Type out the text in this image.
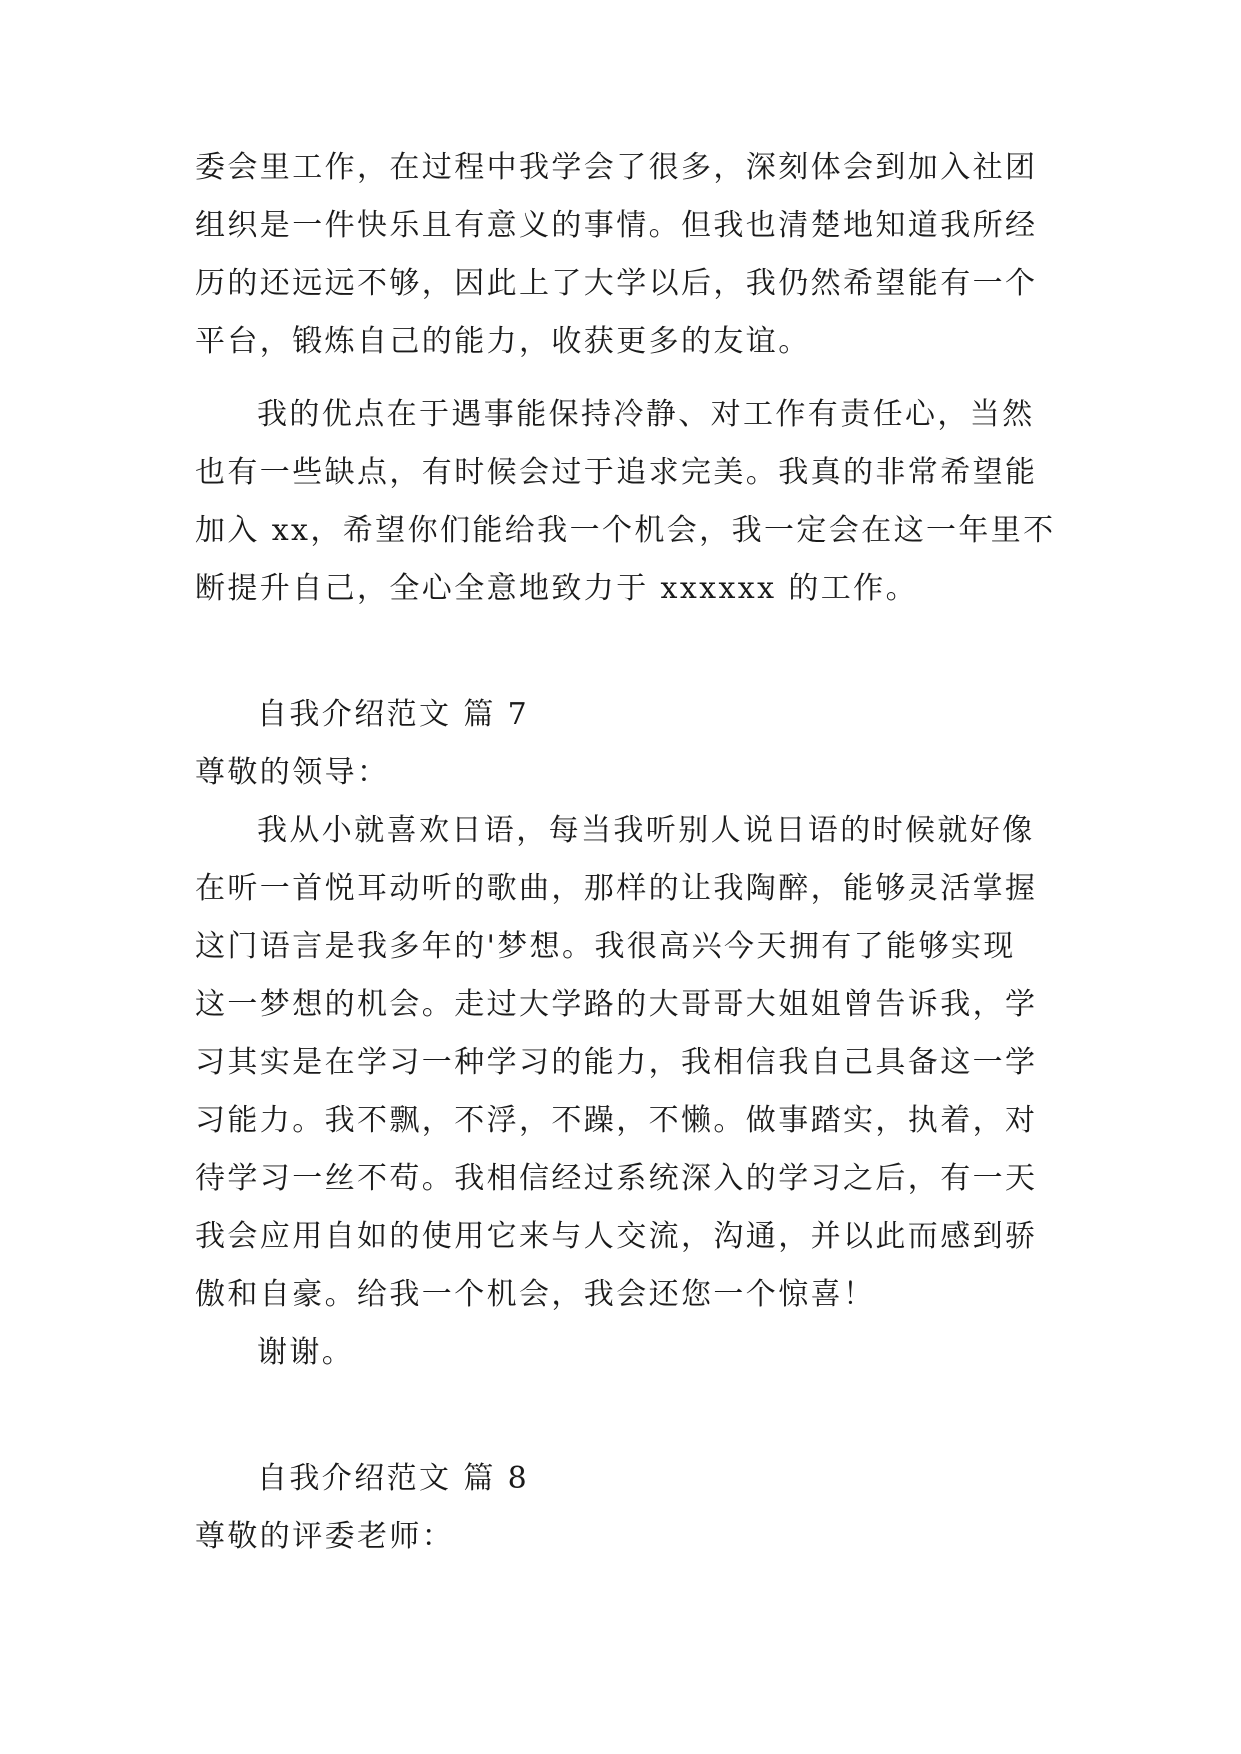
委会里工作，在过程中我学会了很多，深刻体会到加入社团
组织是一件快乐且有意义的事情。但我也清楚地知道我所经
历的还远远不够，因此上了大学以后，我仍然希望能有一个
平台，锻炼自己的能力，收获更多的友谊。
我的优点在于遇事能保持冷静、对工作有责任心，当然
也有一些缺点，有时候会过于追求完美。我真的非常希望能
加入 xx，希望你们能给我一个机会，我一定会在这一年里不
断提升自己，全心全意地致力于 xxxxxx 的工作。
自我介绍范文 篇 7
尊敬的领导：
我从小就喜欢日语，每当我听别人说日语的时候就好像
在听一首悦耳动听的歌曲，那样的让我陶醉，能够灵活掌握
这门语言是我多年的'梦想。我很高兴今天拥有了能够实现
这一梦想的机会。走过大学路的大哥哥大姐姐曾告诉我，学
习其实是在学习一种学习的能力，我相信我自己具备这一学
习能力。我不飘，不浮，不躁，不懒。做事踏实，执着，对
待学习一丝不苟。我相信经过系统深入的学习之后，有一天
我会应用自如的使用它来与人交流，沟通，并以此而感到骄
傲和自豪。给我一个机会，我会还您一个惊喜！
谢谢。
自我介绍范文 篇 8
尊敬的评委老师：
